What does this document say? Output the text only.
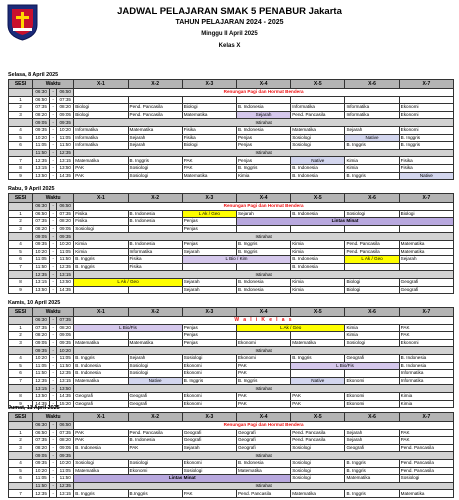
JADWAL PELAJARAN SMAK 5 PENABUR Jakarta
TAHUN PELAJARAN 2024 - 2025
Minggu II April 2025
Kelas X
Selasa, 8 April 2025
SESI	Waktu			X-1	X-2	X-3	X-4	X-5	X-6	X-7
	06:30	-	06:50	Renungan Pagi dan Hormat Bendera						
1	06:50	-	07:35							
2	07:35	-	08:20	Biologi	Pend. Pancasila	Biologi	B. Indonesia	Informatika	Informatika	Ekonomi
3	08:20	-	09:05	Biologi	Pend. Pancasila	Matematika	Sejarah	Pend. Pancasila	Informatika	Ekonomi
	09:05	-	09:35	Istirahat						
4	09:35	-	10:20	Informatika	Matematika	Fisika	B. Indonesia	Matematika	Sejarah	Ekonomi
5	10:20	-	11:05	Informatika	Sejarah	Fisika	Penjas	Sosiologi	Native	B. Inggris
6	11:05	-	11:50	Informatika	Sejarah	Biologi	Penjas	Sosiologi	B. Inggris	B. Inggris
	11:50	-	12:35	Istirahat						
7	12:35	-	13:15	Matematika	B. Inggris	PAK	Penjas	Native	Kimia	Fisika
8	13:15	-	13:50	PAK	Sosiologi	PAK	B. Inggris	B. Indonesia	Kimia	Fisika
9	13:50	-	14:35	PAK	Sosiologi	Matematika	Kimia	B. Indonesia	B. Inggris	Native
Rabu, 9 April 2025
SESI	Waktu			X-1	X-2	X-3	X-4	X-5	X-6	X-7
	06:30	-	06:50	Renungan Pagi dan Hormat Bendera						
1	06:50	-	07:35	Fisika	B. Indonesia	L Ak / Geo	Sejarah	B. Indonesia	Sosiologi	Biologi
2	07:35	-	08:20	Fisika	B. Indonesia	Penjas	Lintas Minat			
3	08:20	-	09:05	Sosiologi		Penjas				
	09:05	-	09:35	Istirahat						
4	09:35	-	10:20	Kimia	B. Indonesia	Penjas	B. Inggris	Kimia	Pend. Pancasila	Matematika
5	10:20	-	11:05	Kimia	Informatika	Sejarah	B. Inggris	Kimia	Pend. Pancasila	Matematika
6	11:05	-	11:50	B. Inggris	Fisika	L Bio / Kim		B. Indonesia	L Ak / Geo	Sejarah
7	11:50	-	12:35	B. Inggris	Fisika			B. Indonesia		
	12:35	-	13:15	Istirahat						
8	13:15	-	13:50	L Ak / Geo		Sejarah	B. Indonesia	Kimia	Biologi	Geografi
9	13:50	-	14:35			Sejarah	B. Indonesia	Kimia	Biologi	Geografi
Kamis, 10 April 2025
SESI	Waktu			X-1	X-2	X-3	X-4	X-5	X-6	X-7
	06:30	-	07:35	W a l i K e l a s						
1	07:35	-	08:20	L Bio/Fis		Penjas	L Ak / Geo		Kimia	PAK
2	08:20	-	09:05			Penjas			Kimia	PAK
3	09:05	-	09:35	Matematika	Matematika	Penjas	Ekonomi	Matematika	Sosiologi	Ekonomi
	09:35	-	10:20	Istirahat						
4	10:20	-	11:05	B. Inggris	Sejarah	Sosiologi	Ekonomi	B. Inggris	Geografi	B. Indonesia
5	11:05	-	11:50	B. Indonesia	Sosiologi	Ekonomi	PAK	L Bio/Fis		B. Indonesia
6	11:50	-	12:35	B. Indonesia	Sosiologi	Ekonomi	PAK			Informatika
7	12:35	-	13:15	Matematika	Native	B. Inggris	B. Inggris	Native	Ekonomi	Informatika
	13:15	-	13:50	Istirahat						
8	13:50	-	14:35	Geografi	Geografi	Ekonomi	PAK	PAK	Ekonomi	Kimia
9	14:35	-	15:20	Geografi	Geografi	Ekonomi	PAK	PAK	Ekonomi	Kimia
Jumat, 11 April 2025
SESI	Waktu			X-1	X-2	X-3	X-4	X-5	X-6	X-7
	06:30	-	06:50	Renungan Pagi dan Hormat Bendera						
1	06:50	-	07:35	PAK	Pend. Pancasila	Geografi	Geografi	Pend. Pancasila	Sejarah	PAK
2	07:35	-	08:20	PAK	B. Indonesia	Geografi	Geografi	Pend. Pancasila	Sejarah	PAK
3	08:20	-	09:05	B. Indonesia	PAK	Sejarah	Geografi	Sosiologi	Geografi	Pend. Pancasila
	09:05	-	09:35	Istirahat						
4	09:35	-	10:20	Sosiologi	Sosiologi	Ekonomi	B. Indonesia	Sosiologi	B. Inggris	Pend. Pancasila
5	10:20	-	11:05	Matematika	Ekonomi	Sosiologi	Matematika	Sosiologi	B. Inggris	Pend. Pancasila
6	11:05	-	11:50	Lintas Minat				Sosiologi	Matematika	Sosiologi
	11:50	-	12:35	Istirahat						
7	12:35	-	13:15	B. Inggris	B.Inggris	PAK	Pend. Pancasila	Matematika	B. Inggris	Matematika
